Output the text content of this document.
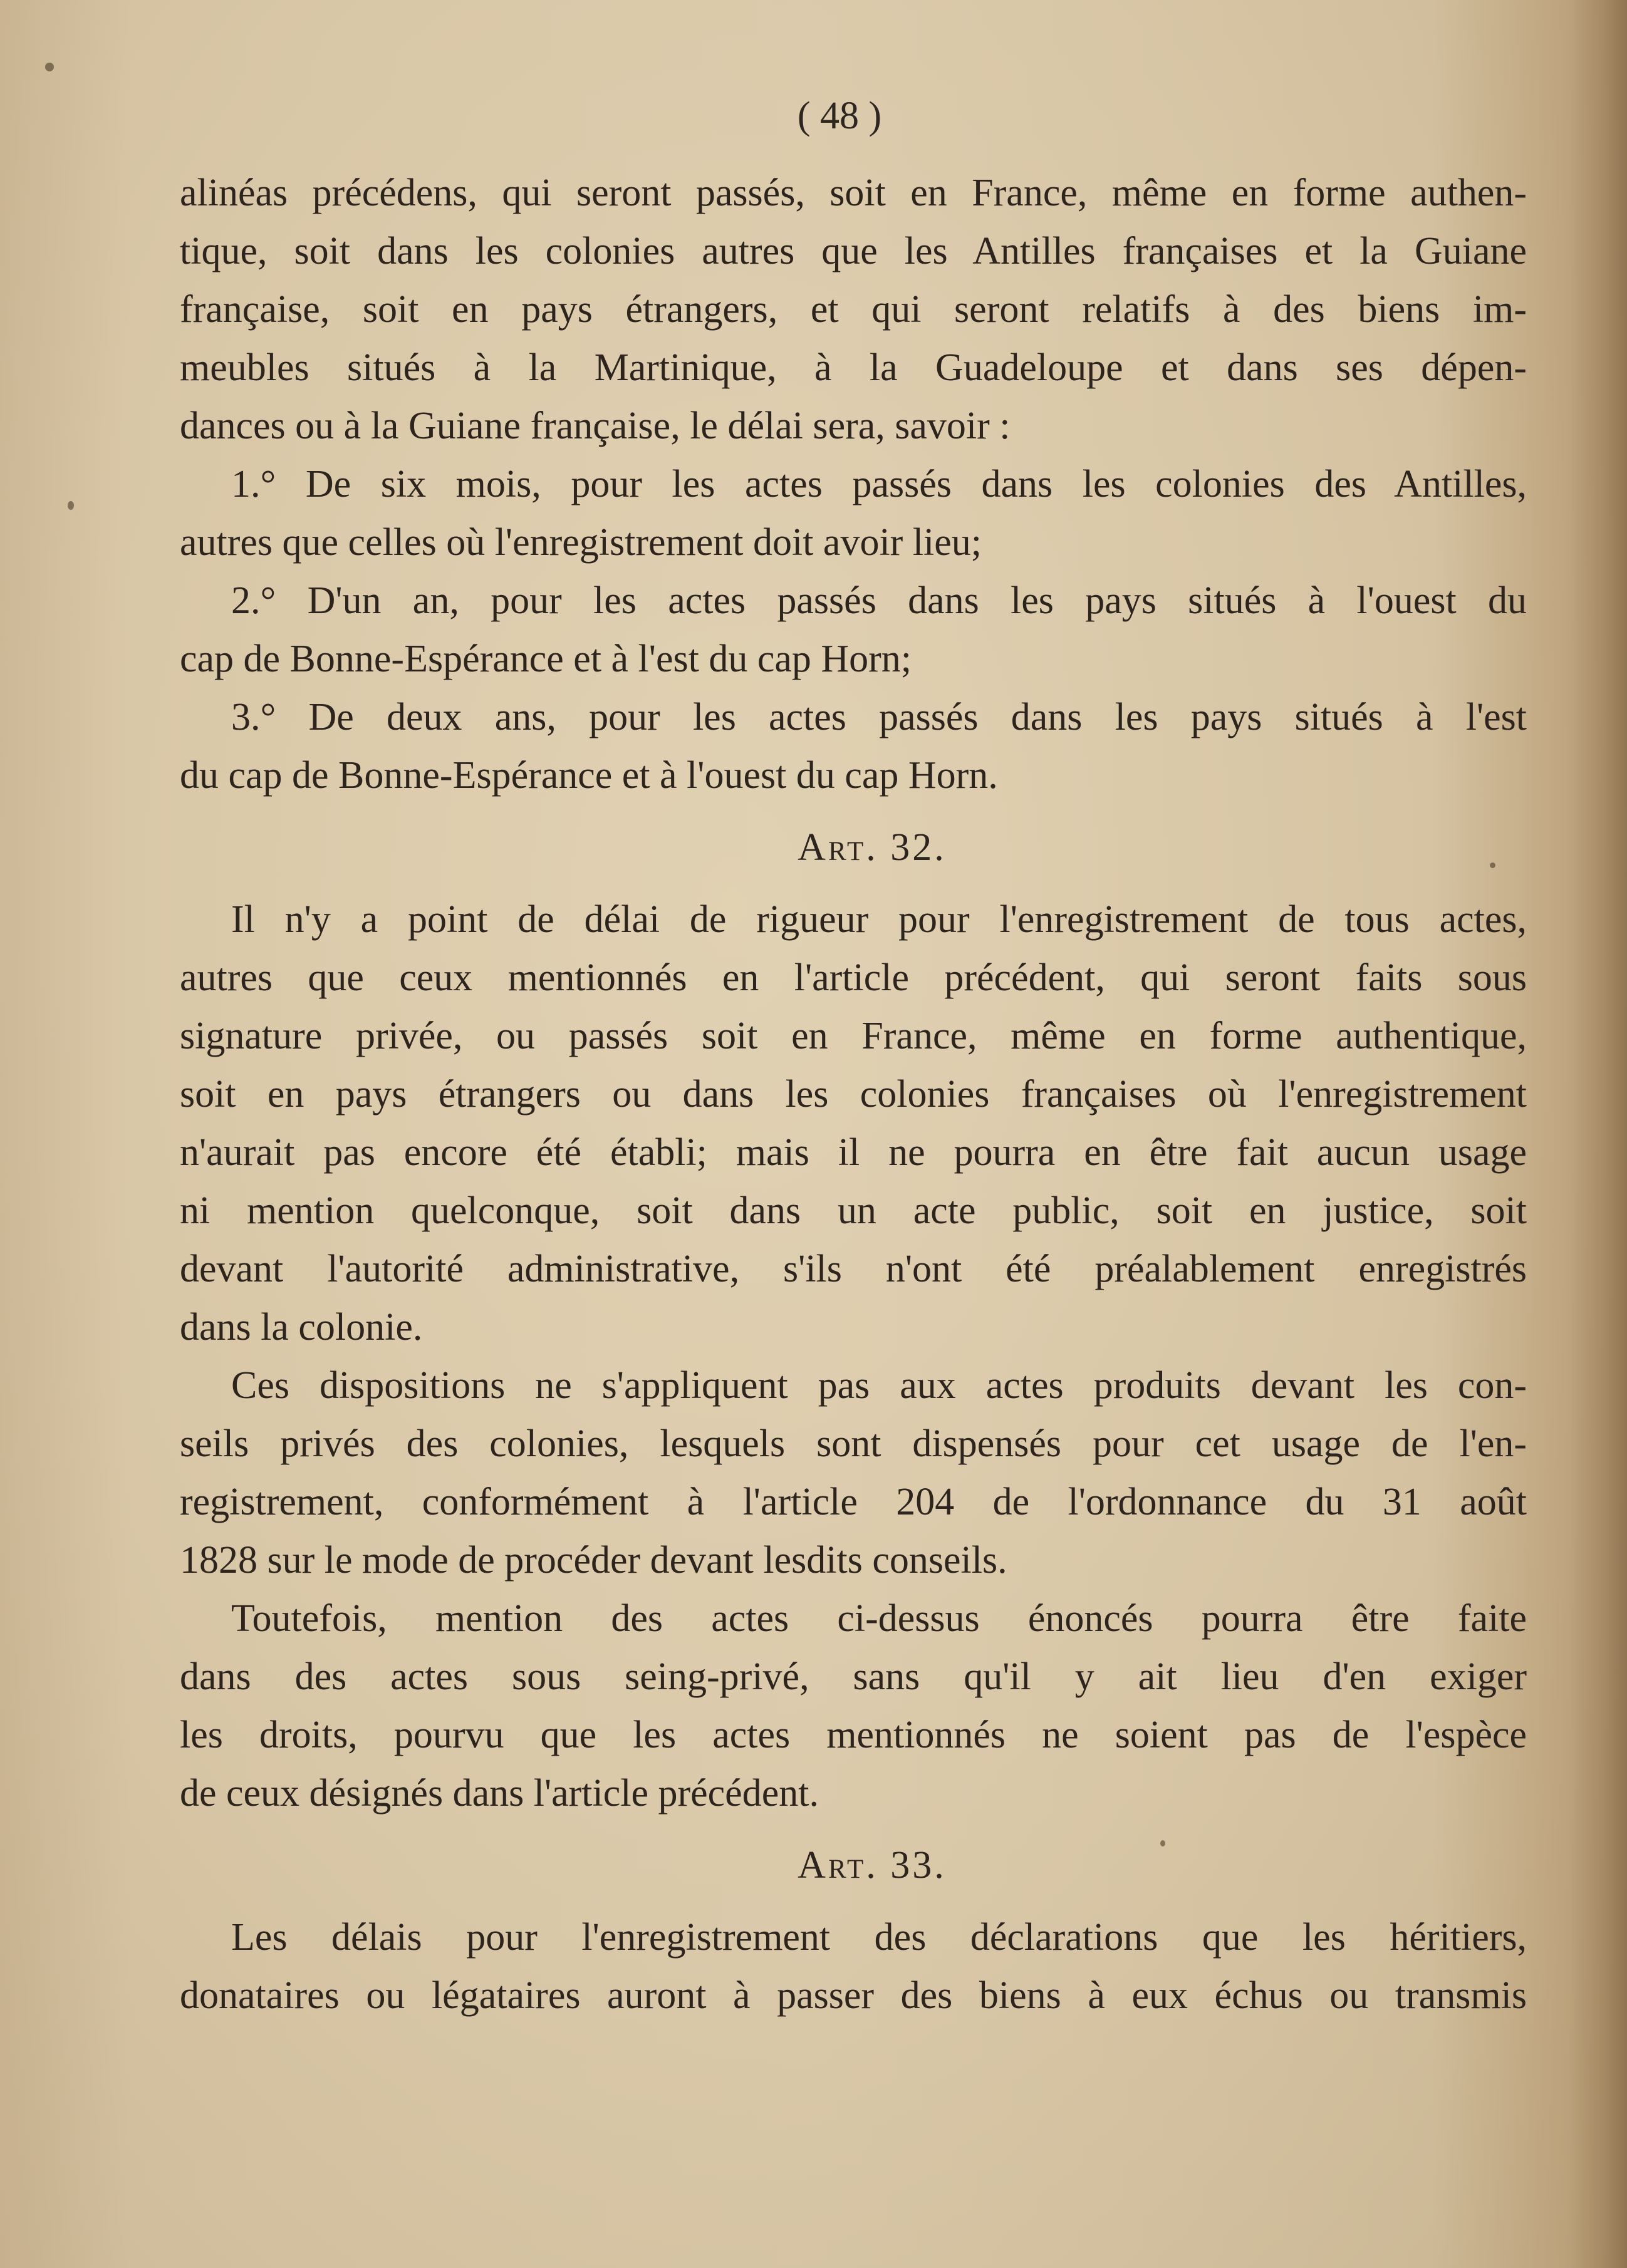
( 48 )
alinéas précédens, qui seront passés, soit en France, même en forme authen-
tique, soit dans les colonies autres que les Antilles françaises et la Guiane
française, soit en pays étrangers, et qui seront relatifs à des biens im-
meubles situés à la Martinique, à la Guadeloupe et dans ses dépen-
dances ou à la Guiane française, le délai sera, savoir :
1.° De six mois, pour les actes passés dans les colonies des Antilles,
autres que celles où l'enregistrement doit avoir lieu;
2.° D'un an, pour les actes passés dans les pays situés à l'ouest du
cap de Bonne-Espérance et à l'est du cap Horn;
3.° De deux ans, pour les actes passés dans les pays situés à l'est
du cap de Bonne-Espérance et à l'ouest du cap Horn.
Art. 32.
Il n'y a point de délai de rigueur pour l'enregistrement de tous actes,
autres que ceux mentionnés en l'article précédent, qui seront faits sous
signature privée, ou passés soit en France, même en forme authentique,
soit en pays étrangers ou dans les colonies françaises où l'enregistrement
n'aurait pas encore été établi; mais il ne pourra en être fait aucun usage
ni mention quelconque, soit dans un acte public, soit en justice, soit
devant l'autorité administrative, s'ils n'ont été préalablement enregistrés
dans la colonie.
Ces dispositions ne s'appliquent pas aux actes produits devant les con-
seils privés des colonies, lesquels sont dispensés pour cet usage de l'en-
registrement, conformément à l'article 204 de l'ordonnance du 31 août
1828 sur le mode de procéder devant lesdits conseils.
Toutefois, mention des actes ci-dessus énoncés pourra être faite
dans des actes sous seing-privé, sans qu'il y ait lieu d'en exiger
les droits, pourvu que les actes mentionnés ne soient pas de l'espèce
de ceux désignés dans l'article précédent.
Art. 33.
Les délais pour l'enregistrement des déclarations que les héritiers,
donataires ou légataires auront à passer des biens à eux échus ou transmis
